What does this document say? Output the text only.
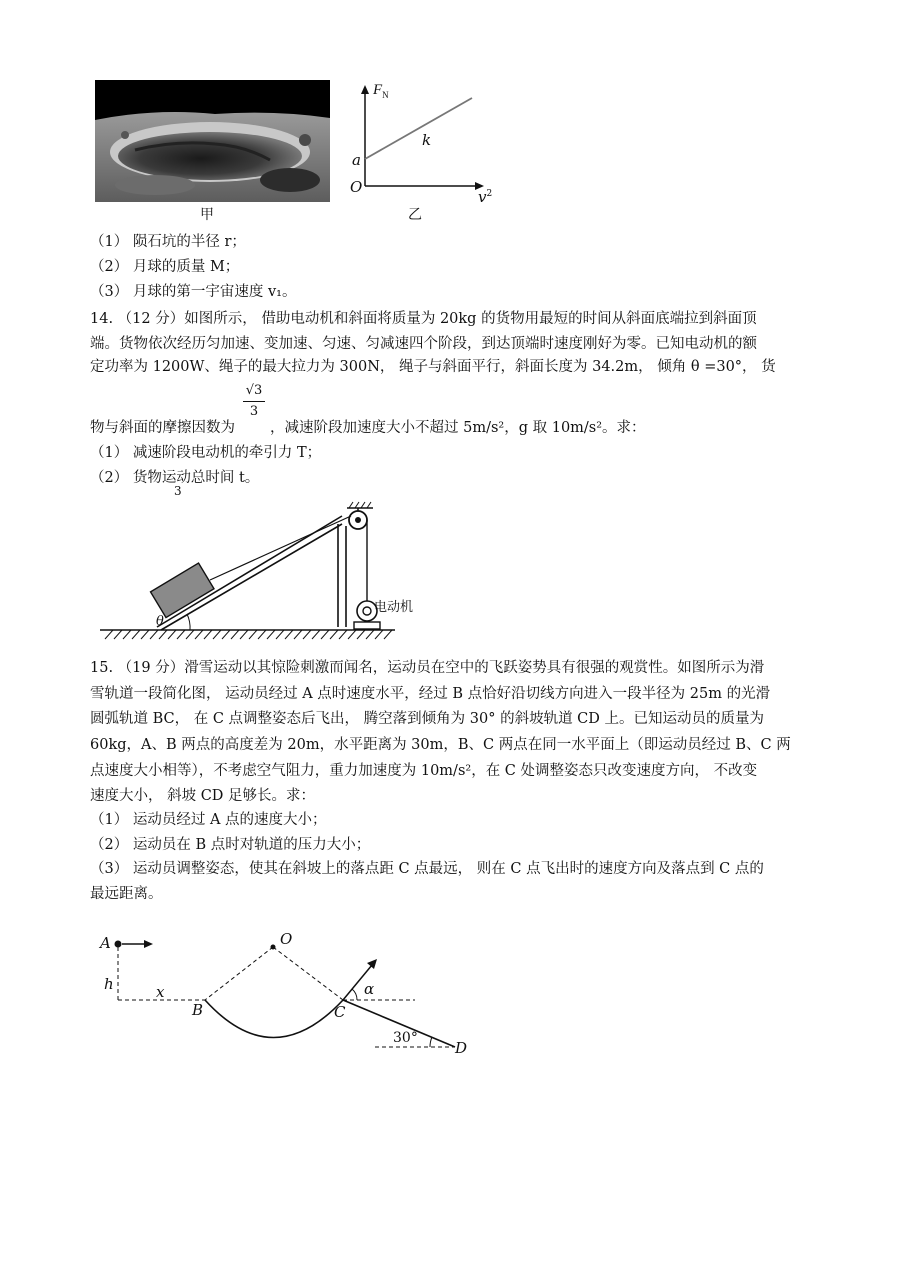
甲
$F_N$
k
a
O
$v^2$
乙
（1） 陨石坑的半径 r；
（2） 月球的质量 M；
（3） 月球的第一宇宙速度 v₁。
14. （12 分）如图所示， 借助电动机和斜面将质量为 20kg 的货物用最短的时间从斜面底端拉到斜面顶
端。货物依次经历匀加速、变加速、匀速、匀减速四个阶段，到达顶端时速度刚好为零。已知电动机的额
定功率为 1200W、绳子的最大拉力为 300N， 绳子与斜面平行，斜面长度为 34.2m， 倾角 θ =30°， 货
√3
3
物与斜面的摩擦因数为 ，减速阶段加速度大小不超过 5m/s²，g 取 10m/s²。求：
（1） 减速阶段电动机的牵引力 T；
（2） 货物运动总时间 t。
3
θ
电动机
15. （19 分）滑雪运动以其惊险刺激而闻名，运动员在空中的飞跃姿势具有很强的观赏性。如图所示为滑
雪轨道一段简化图， 运动员经过 A 点时速度水平，经过 B 点恰好沿切线方向进入一段半径为 25m 的光滑
圆弧轨道 BC， 在 C 点调整姿态后飞出， 腾空落到倾角为 30° 的斜坡轨道 CD 上。已知运动员的质量为
60kg，A、B 两点的高度差为 20m，水平距离为 30m，B、C 两点在同一水平面上（即运动员经过 B、C 两
点速度大小相等），不考虑空气阻力，重力加速度为 10m/s²，在 C 处调整姿态只改变速度方向， 不改变
速度大小， 斜坡 CD 足够长。求：
（1） 运动员经过 A 点的速度大小；
（2） 运动员在 B 点时对轨道的压力大小；
（3） 运动员调整姿态，使其在斜坡上的落点距 C 点最远， 则在 C 点飞出时的速度方向及落点到 C 点的
最远距离。
A	O
h	x
B	C
α
30°
D
